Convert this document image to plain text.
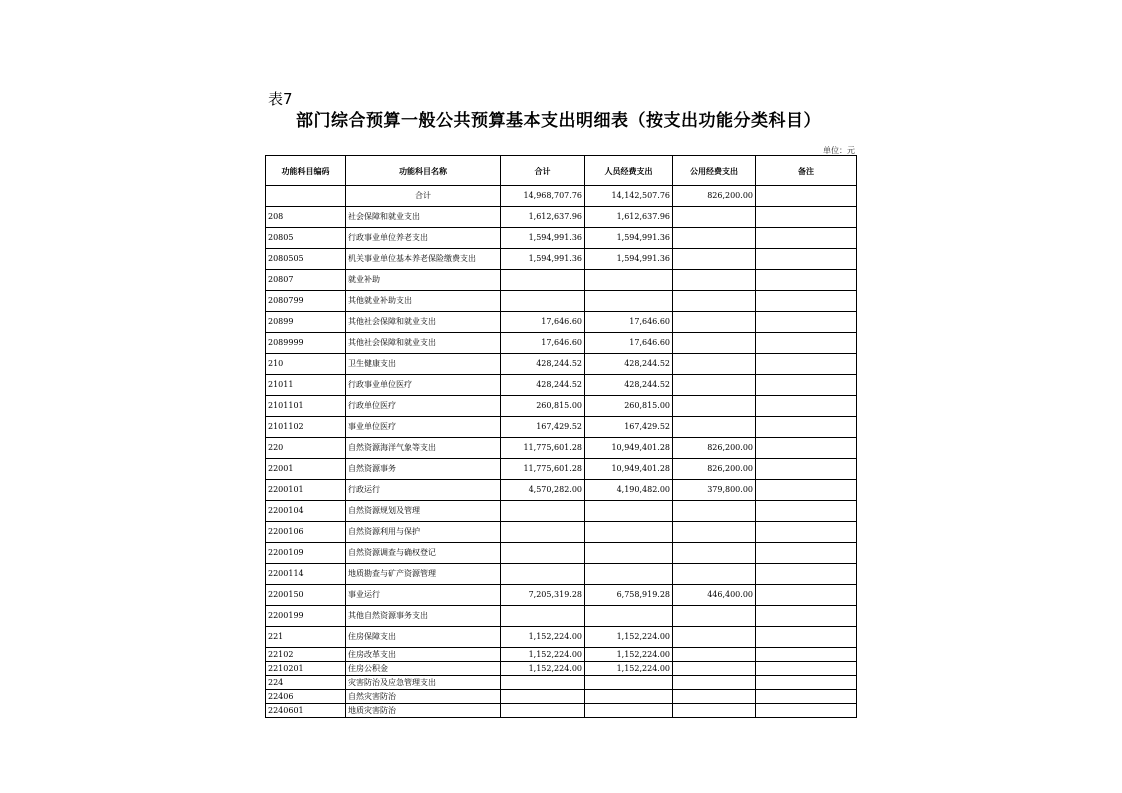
表7
部门综合预算一般公共预算基本支出明细表（按支出功能分类科目）
单位：元
功能科目编码	功能科目名称	合计	人员经费支出	公用经费支出	备注
	合计	14,968,707.76	14,142,507.76	826,200.00	
208	社会保障和就业支出	1,612,637.96	1,612,637.96		
20805	行政事业单位养老支出	1,594,991.36	1,594,991.36		
2080505	机关事业单位基本养老保险缴费支出	1,594,991.36	1,594,991.36		
20807	就业补助				
2080799	其他就业补助支出				
20899	其他社会保障和就业支出	17,646.60	17,646.60		
2089999	其他社会保障和就业支出	17,646.60	17,646.60		
210	卫生健康支出	428,244.52	428,244.52		
21011	行政事业单位医疗	428,244.52	428,244.52		
2101101	行政单位医疗	260,815.00	260,815.00		
2101102	事业单位医疗	167,429.52	167,429.52		
220	自然资源海洋气象等支出	11,775,601.28	10,949,401.28	826,200.00	
22001	自然资源事务	11,775,601.28	10,949,401.28	826,200.00	
2200101	行政运行	4,570,282.00	4,190,482.00	379,800.00	
2200104	自然资源规划及管理				
2200106	自然资源利用与保护				
2200109	自然资源调查与确权登记				
2200114	地质勘查与矿产资源管理				
2200150	事业运行	7,205,319.28	6,758,919.28	446,400.00	
2200199	其他自然资源事务支出				
221	住房保障支出	1,152,224.00	1,152,224.00		
22102	住房改革支出	1,152,224.00	1,152,224.00		
2210201	住房公积金	1,152,224.00	1,152,224.00		
224	灾害防治及应急管理支出				
22406	自然灾害防治				
2240601	地质灾害防治				
